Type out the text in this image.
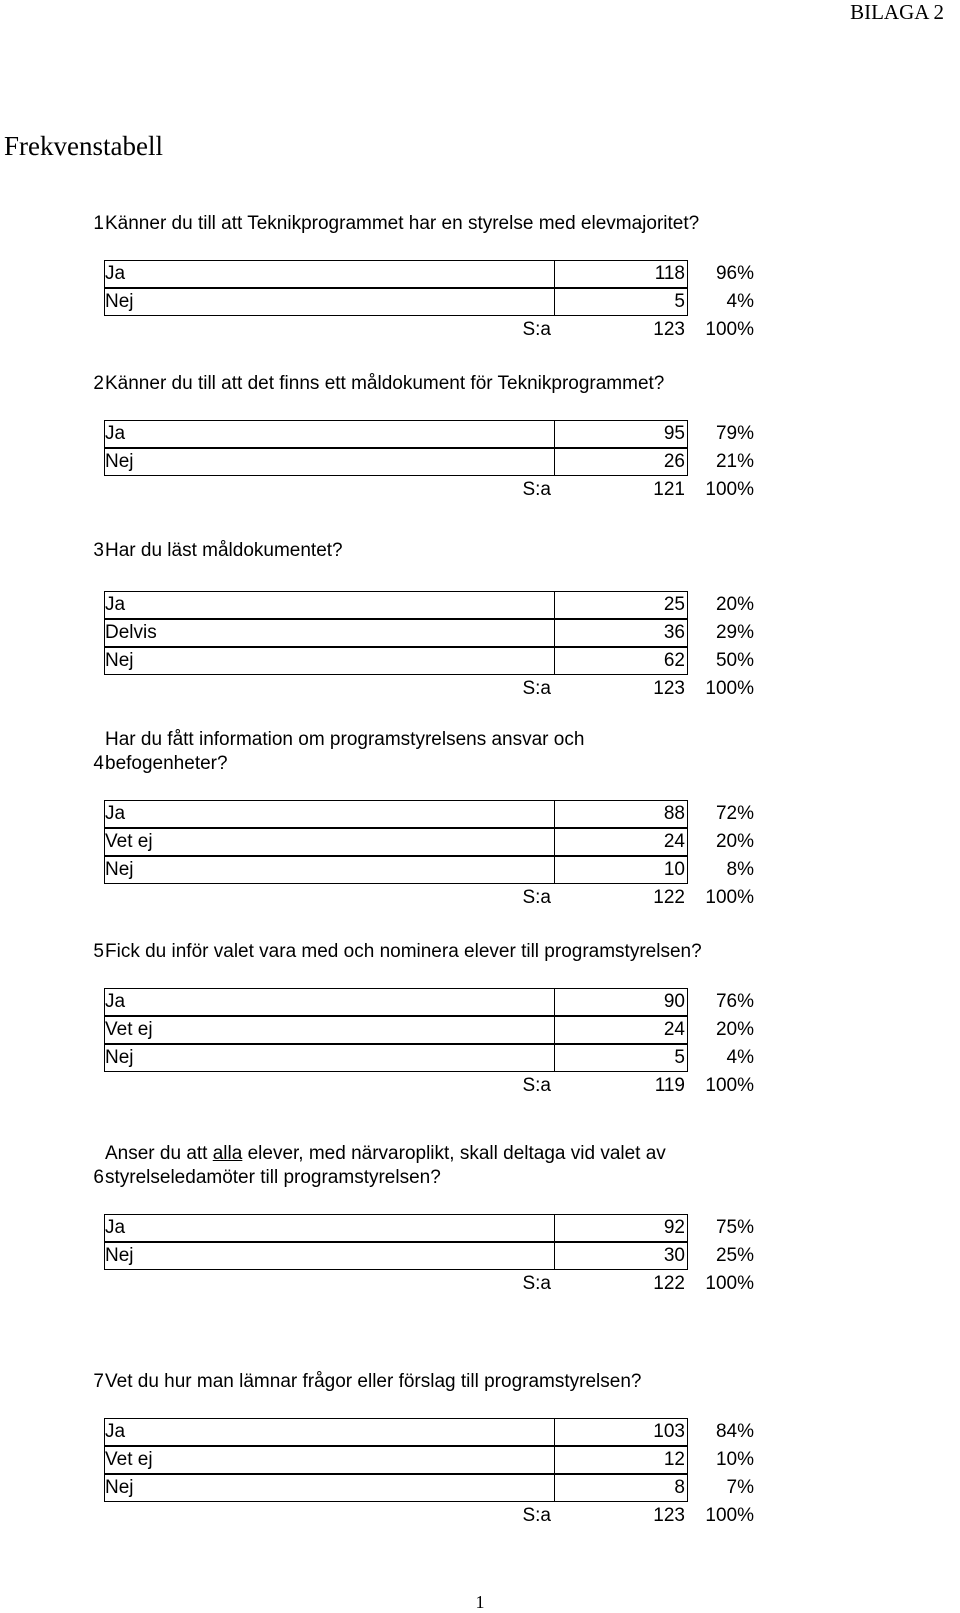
BILAGA 2
Frekvenstabell
1 Känner du till att Teknikprogrammet har en styrelse med elevmajoritet?
Ja	118 96%
Nej	5 4%
S:a	123 100%
2 Känner du till att det finns ett måldokument för Teknikprogrammet?
Ja	95 79%
Nej	26 21%
S:a	121 100%
3 Har du läst måldokumentet?
Ja	25 20%
Delvis	36 29%
Nej	62 50%
S:a	123 100%
4
Har du fått information om programstyrelsens ansvar och
befogenheter?
Ja	88 72%
Vet ej	24 20%
Nej	10 8%
S:a	122 100%
5 Fick du inför valet vara med och nominera elever till programstyrelsen?
Ja	90 76%
Vet ej	24 20%
Nej	5 4%
S:a	119 100%
6
Anser du att alla elever, med närvaroplikt, skall deltaga vid valet av
styrelseledamöter till programstyrelsen?
Ja	92 75%
Nej	30 25%
S:a	122 100%
7 Vet du hur man lämnar frågor eller förslag till programstyrelsen?
Ja	103 84%
Vet ej	12 10%
Nej	8 7%
S:a	123 100%
1
